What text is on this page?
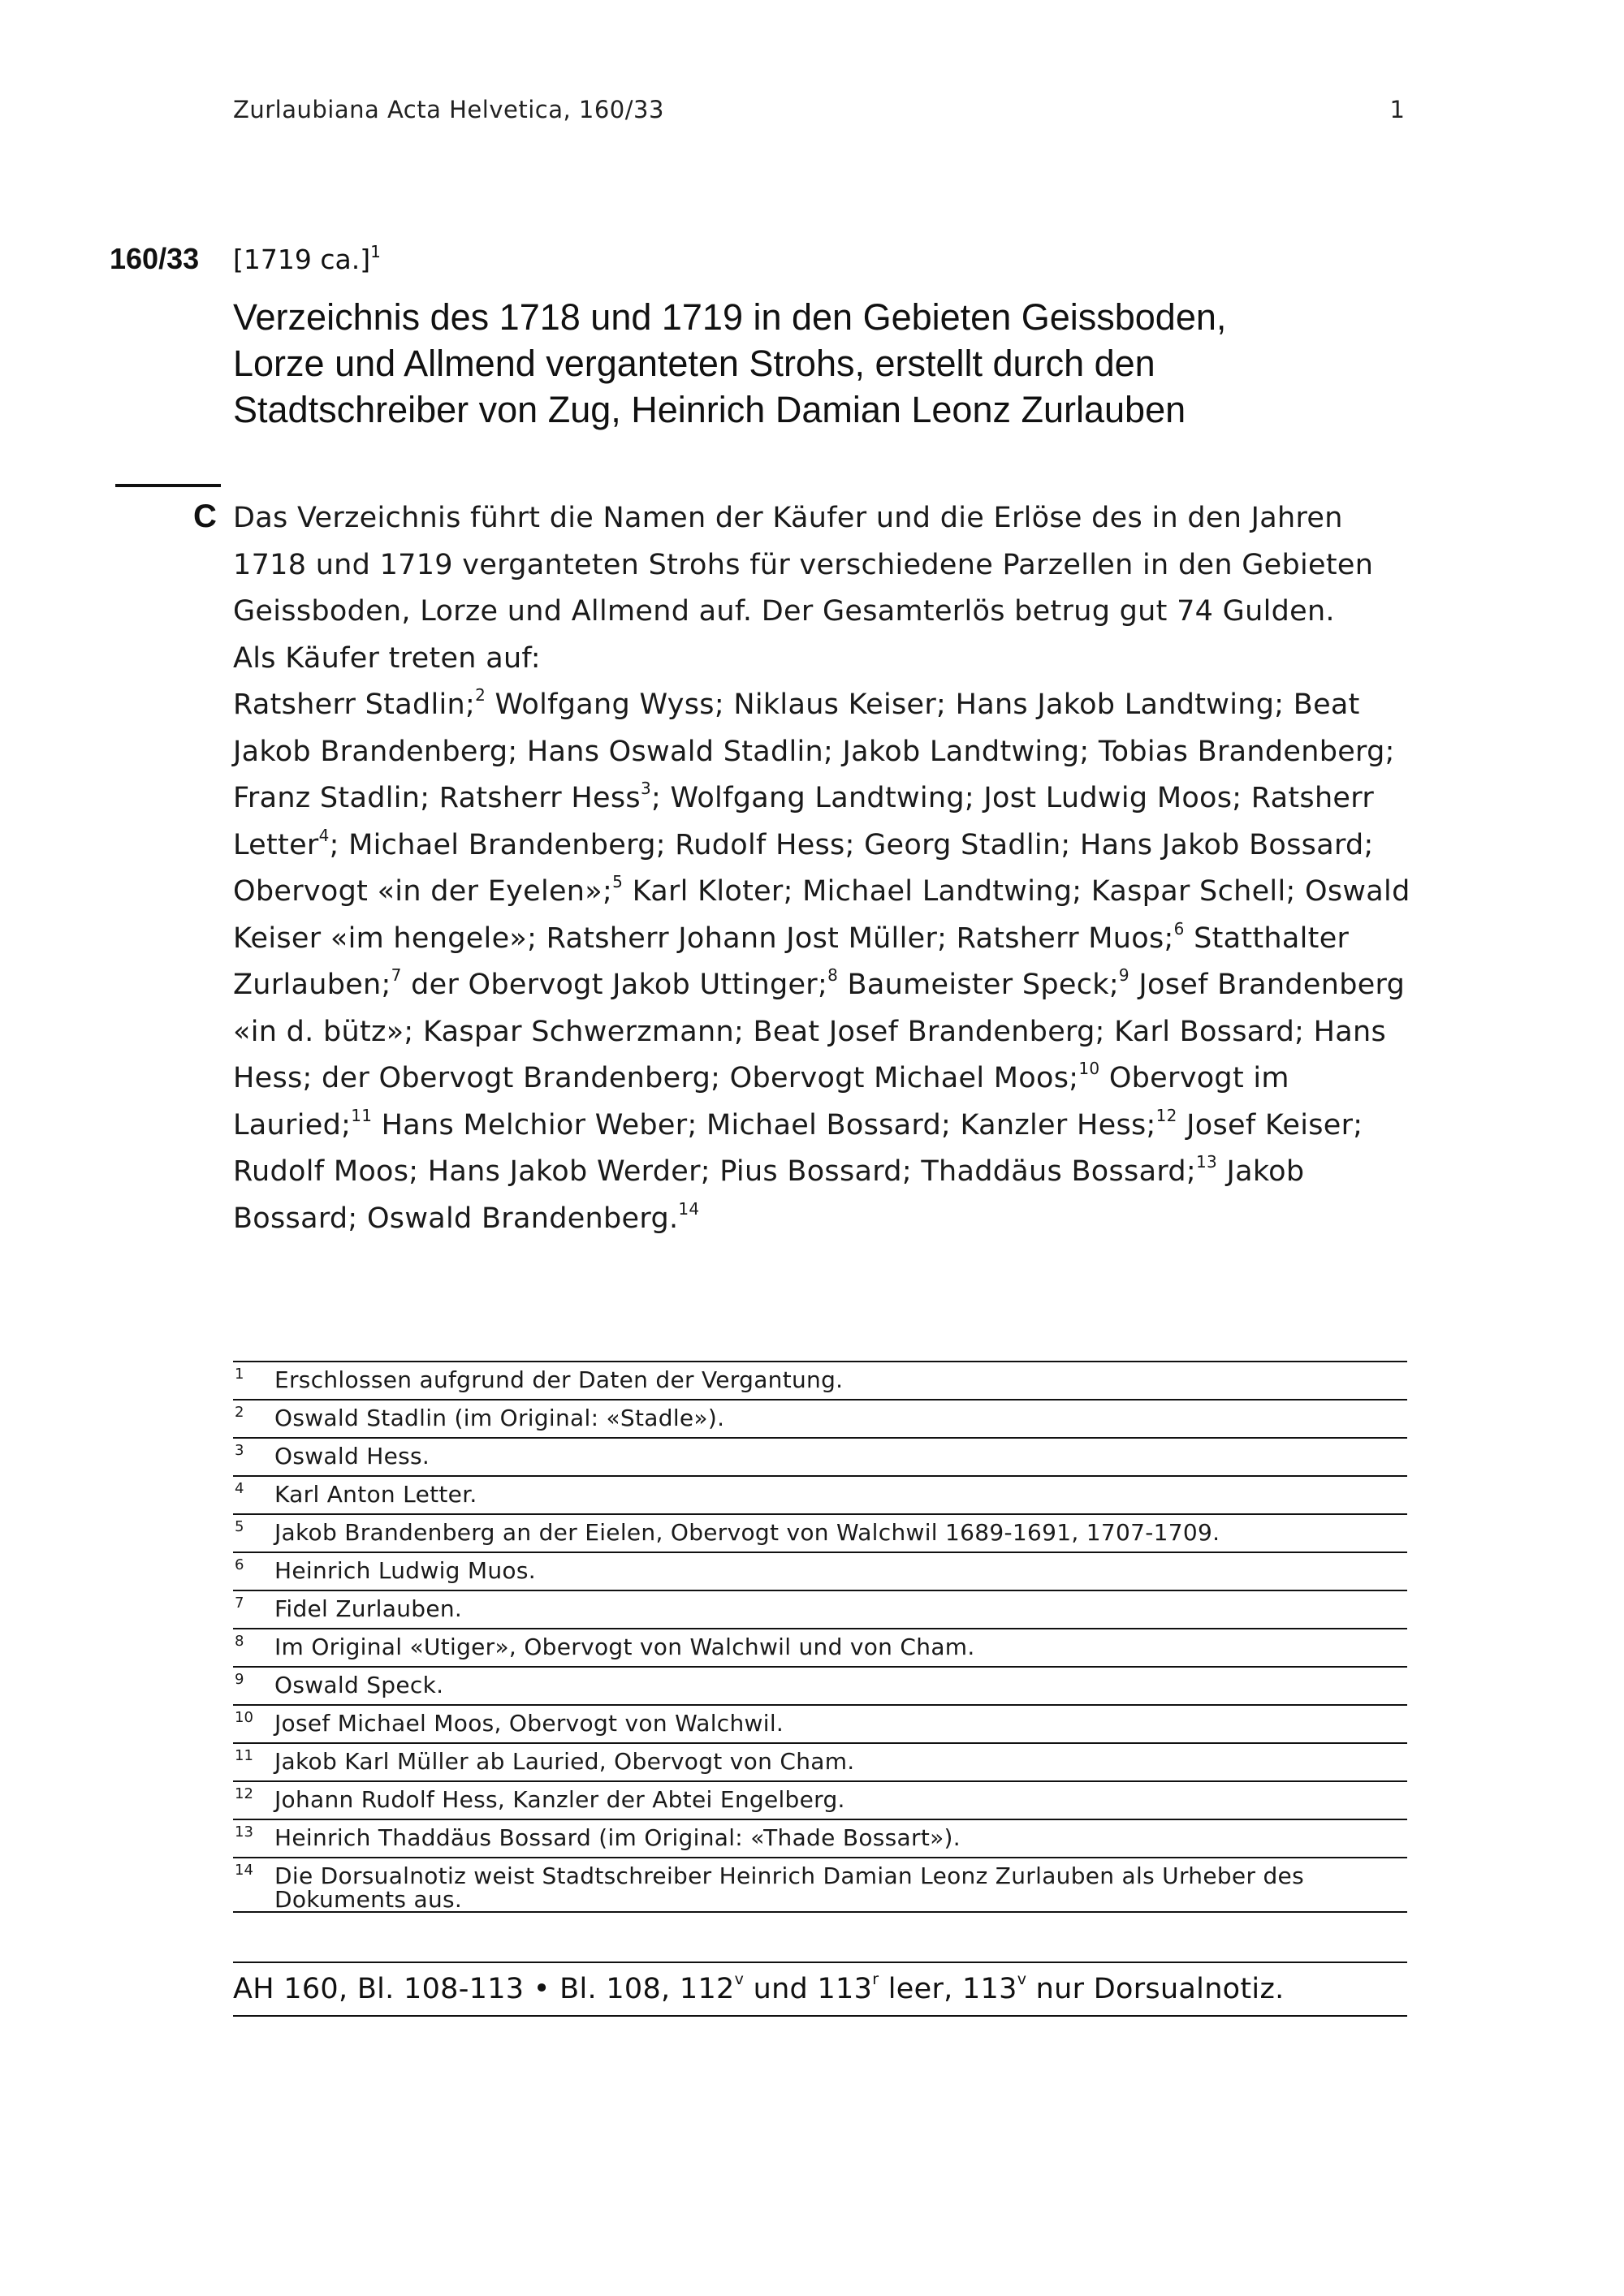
Zurlaubiana Acta Helvetica, 160/33	1
160/33 [1719 ca.]$^1$
Verzeichnis des 1718 und 1719 in den Gebieten Geissboden,
Lorze und Allmend verganteten Strohs, erstellt durch den
Stadtschreiber von Zug, Heinrich Damian Leonz Zurlauben
C Das Verzeichnis führt die Namen der Käufer und die Erlöse des in den Jahren 1718 und 1719 verganteten Strohs für verschiedene Parzellen in den Gebieten Geissboden, Lorze und Allmend auf. Der Gesamterlös betrug gut 74 Gulden.

Als Käufer treten auf:

Ratsherr Stadlin;$^2$ Wolfgang Wyss; Niklaus Keiser; Hans Jakob Landtwing; Beat Jakob Brandenberg; Hans Oswald Stadlin; Jakob Landtwing; Tobias Brandenberg; Franz Stadlin; Ratsherr Hess$^3$; Wolfgang Landtwing; Jost Ludwig Moos; Ratsherr Letter$^4$; Michael Brandenberg; Rudolf Hess; Georg Stadlin; Hans Jakob Bossard; Obervogt «in der Eyelen»;$^5$ Karl Kloter; Michael Landtwing; Kaspar Schell; Oswald Keiser «im hengele»; Ratsherr Johann Jost Müller; Ratsherr Muos;$^6$ Statthalter Zurlauben;$^7$ der Obervogt Jakob Uttinger;$^8$ Baumeister Speck;$^9$ Josef Brandenberg «in d. bütz»; Kaspar Schwerzmann; Beat Josef Brandenberg; Karl Bossard; Hans Hess; der Obervogt Brandenberg; Obervogt Michael Moos;$^{10}$ Obervogt im Lauried;$^{11}$ Hans Melchior Weber; Michael Bossard; Kanzler Hess;$^{12}$ Josef Keiser; Rudolf Moos; Hans Jakob Werder; Pius Bossard; Thaddäus Bossard;$^{13}$ Jakob Bossard; Oswald Brandenberg.$^{14}$

1	Erschlossen aufgrund der Daten der Vergantung.
2	Oswald Stadlin (im Original: «Stadle»).
3	Oswald Hess.
4	Karl Anton Letter.
5	Jakob Brandenberg an der Eielen, Obervogt von Walchwil 1689-1691, 1707-1709.
6	Heinrich Ludwig Muos.
7	Fidel Zurlauben.
8	Im Original «Utiger», Obervogt von Walchwil und von Cham.
9	Oswald Speck.
10 Josef Michael Moos, Obervogt von Walchwil.
11 Jakob Karl Müller ab Lauried, Obervogt von Cham.
12 Johann Rudolf Hess, Kanzler der Abtei Engelberg.
13 Heinrich Thaddäus Bossard (im Original: «Thade Bossart»).
14 Die Dorsualnotiz weist Stadtschreiber Heinrich Damian Leonz Zurlauben als Urheber des Dokuments aus.
AH 160, Bl. 108-113 • Bl. 108, 112$^v$ und 113$^r$ leer, 113$^v$ nur Dorsualnotiz.
